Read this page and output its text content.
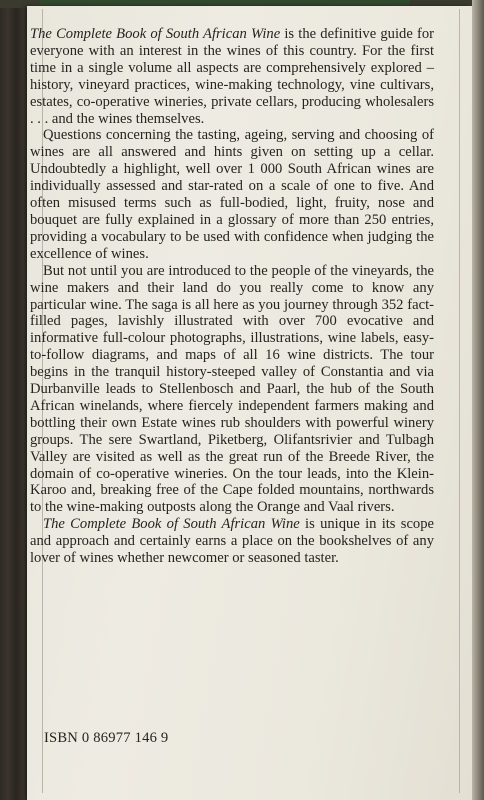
The Complete Book of South African Wine is the definitive guide for everyone with an interest in the wines of this country. For the first time in a single volume all aspects are comprehensively explored – history, vineyard practices, wine-making technology, vine cultivars, estates, co-operative wineries, private cellars, producing wholesalers . . . and the wines themselves.

Questions concerning the tasting, ageing, serving and choosing of wines are all answered and hints given on setting up a cellar. Undoubtedly a highlight, well over 1 000 South African wines are individually assessed and star-rated on a scale of one to five. And often misused terms such as full-bodied, light, fruity, nose and bouquet are fully explained in a glossary of more than 250 entries, providing a vocabulary to be used with confidence when judging the excellence of wines.

But not until you are introduced to the people of the vineyards, the wine makers and their land do you really come to know any particular wine. The saga is all here as you journey through 352 fact-filled pages, lavishly illustrated with over 700 evocative and informative full-colour photographs, illustrations, wine labels, easy-to-follow diagrams, and maps of all 16 wine districts. The tour begins in the tranquil history-steeped valley of Constantia and via Durbanville leads to Stellenbosch and Paarl, the hub of the South African winelands, where fiercely independent farmers making and bottling their own Estate wines rub shoulders with powerful winery groups. The sere Swartland, Piketberg, Olifantsrivier and Tulbagh Valley are visited as well as the great run of the Breede River, the domain of co-operative wineries. On the tour leads, into the Klein-Karoo and, breaking free of the Cape folded mountains, northwards to the wine-making outposts along the Orange and Vaal rivers.

The Complete Book of South African Wine is unique in its scope and approach and certainly earns a place on the bookshelves of any lover of wines whether newcomer or seasoned taster.

ISBN 0 86977 146 9
